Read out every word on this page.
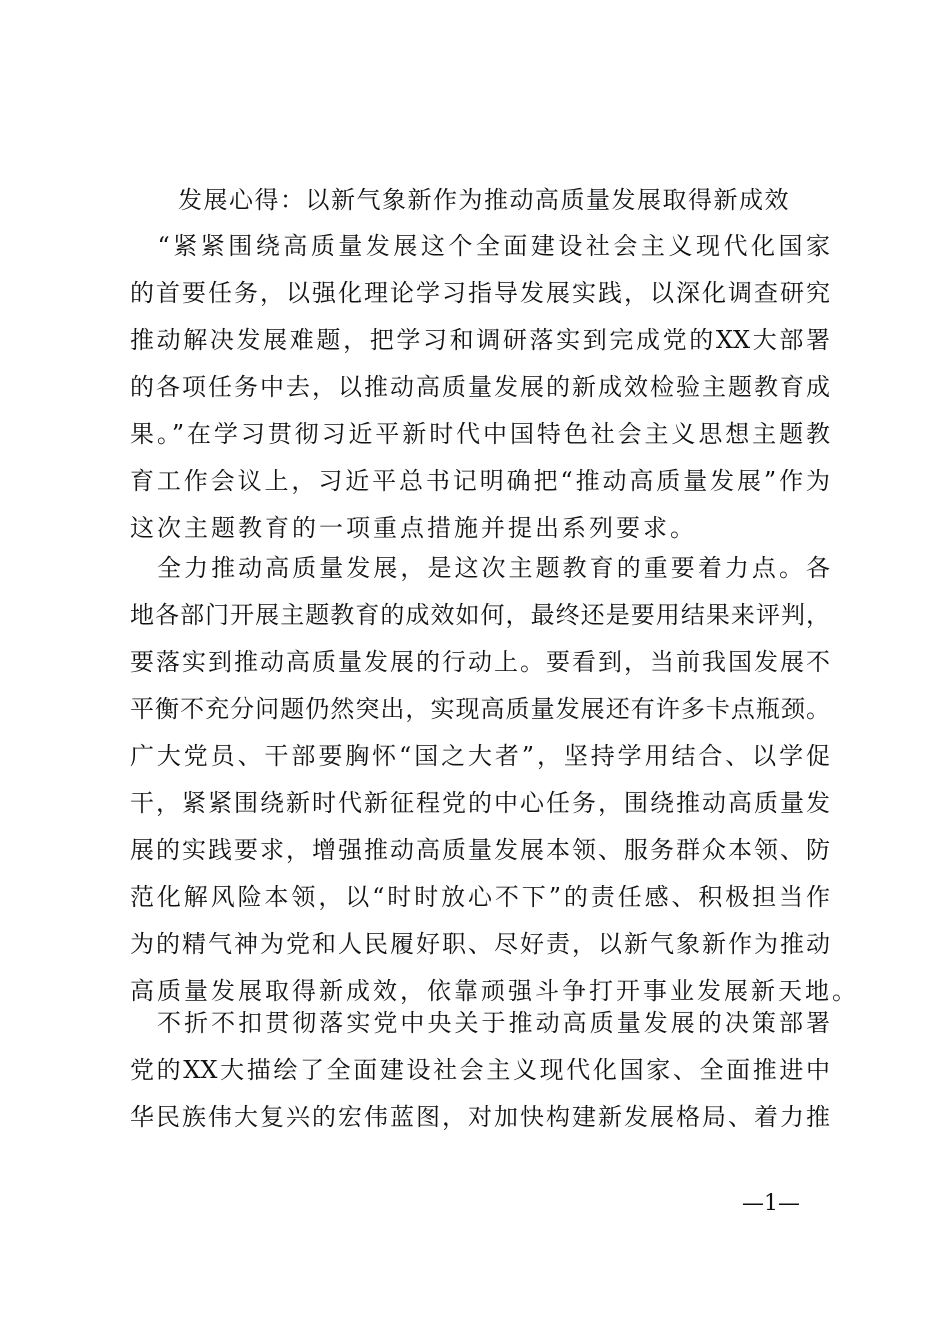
发展心得：以新气象新作为推动高质量发展取得新成效
　“紧紧围绕高质量发展这个全面建设社会主义现代化国家
的首要任务，以强化理论学习指导发展实践，以深化调查研究
推动解决发展难题，把学习和调研落实到完成党的XX大部署
的各项任务中去，以推动高质量发展的新成效检验主题教育成
果。”在学习贯彻习近平新时代中国特色社会主义思想主题教
育工作会议上，习近平总书记明确把“推动高质量发展”作为
这次主题教育的一项重点措施并提出系列要求。
　全力推动高质量发展，是这次主题教育的重要着力点。各
地各部门开展主题教育的成效如何，最终还是要用结果来评判，
要落实到推动高质量发展的行动上。要看到，当前我国发展不
平衡不充分问题仍然突出，实现高质量发展还有许多卡点瓶颈。
广大党员、干部要胸怀“国之大者”，坚持学用结合、以学促
干，紧紧围绕新时代新征程党的中心任务，围绕推动高质量发
展的实践要求，增强推动高质量发展本领、服务群众本领、防
范化解风险本领，以“时时放心不下”的责任感、积极担当作
为的精气神为党和人民履好职、尽好责，以新气象新作为推动
高质量发展取得新成效，依靠顽强斗争打开事业发展新天地。
　不折不扣贯彻落实党中央关于推动高质量发展的决策部署
党的XX大描绘了全面建设社会主义现代化国家、全面推进中
华民族伟大复兴的宏伟蓝图，对加快构建新发展格局、着力推
—1—
